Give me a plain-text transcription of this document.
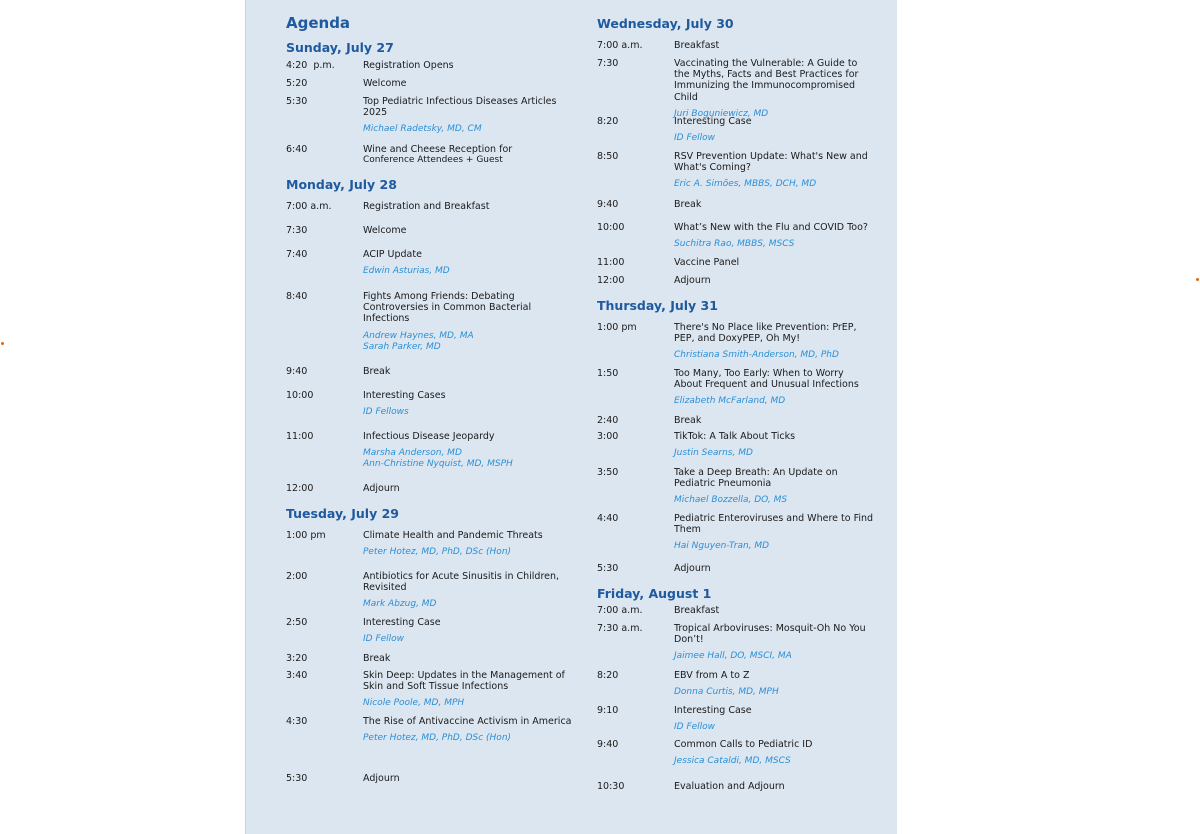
Agenda
Sunday, July 27
Monday, July 28
Tuesday, July 29
4:20  p.m.	Registration Opens
5:20	Welcome
5:30	Top Pediatric Infectious Diseases Articles 2025
Michael Radetsky, MD, CM
6:40	Wine and Cheese Reception for
Conference Attendees + Guest
7:00 a.m.	Registration and Breakfast
7:30	Welcome
7:40	ACIP Update
Edwin Asturias, MD
8:40	Fights Among Friends: Debating Controversies in Common Bacterial Infections
Andrew Haynes, MD, MA
Sarah Parker, MD
9:40	Break
10:00	Interesting Cases
ID Fellows
11:00	Infectious Disease Jeopardy
Marsha Anderson, MD
Ann-Christine Nyquist, MD, MSPH
12:00	Adjourn
1:00 pm	Climate Health and Pandemic Threats
Peter Hotez, MD, PhD, DSc (Hon)
2:00	Antibiotics for Acute Sinusitis in Children, Revisited
Mark Abzug, MD
2:50	Interesting Case
ID Fellow
3:20	Break
3:40	Skin Deep: Updates in the Management of Skin and Soft Tissue Infections
Nicole Poole, MD, MPH
4:30	The Rise of Antivaccine Activism in America
Peter Hotez, MD, PhD, DSc (Hon)
5:30	Adjourn
Wednesday, July 30
Thursday, July 31
Friday, August 1
7:00 a.m.	Breakfast
7:30	Vaccinating the Vulnerable: A Guide to the Myths, Facts and Best Practices for Immunizing the Immunocompromised Child
Juri Boguniewicz, MD
8:20	Interesting Case
ID Fellow
8:50	RSV Prevention Update: What's New and What's Coming?
Eric A. Simões, MBBS, DCH, MD
9:40	Break
10:00	What’s New with the Flu and COVID Too?
Suchitra Rao, MBBS, MSCS
11:00	Vaccine Panel
12:00	Adjourn
1:00 pm	There's No Place like Prevention: PrEP, PEP, and DoxyPEP, Oh My!
Christiana Smith-Anderson, MD, PhD
1:50	Too Many, Too Early: When to Worry About Frequent and Unusual Infections
Elizabeth McFarland, MD
2:40	Break
3:00	TikTok: A Talk About Ticks
Justin Searns, MD
3:50	Take a Deep Breath: An Update on Pediatric Pneumonia
Michael Bozzella, DO, MS
4:40	Pediatric Enteroviruses and Where to Find Them
Hai Nguyen-Tran, MD
5:30	Adjourn
7:00 a.m.	Breakfast
7:30 a.m.	Tropical Arboviruses: Mosquit-Oh No You Don’t!
Jaimee Hall, DO, MSCI, MA
8:20	EBV from A to Z
Donna Curtis, MD, MPH
9:10	Interesting Case
ID Fellow
9:40	Common Calls to Pediatric ID
Jessica Cataldi, MD, MSCS
10:30	Evaluation and Adjourn
